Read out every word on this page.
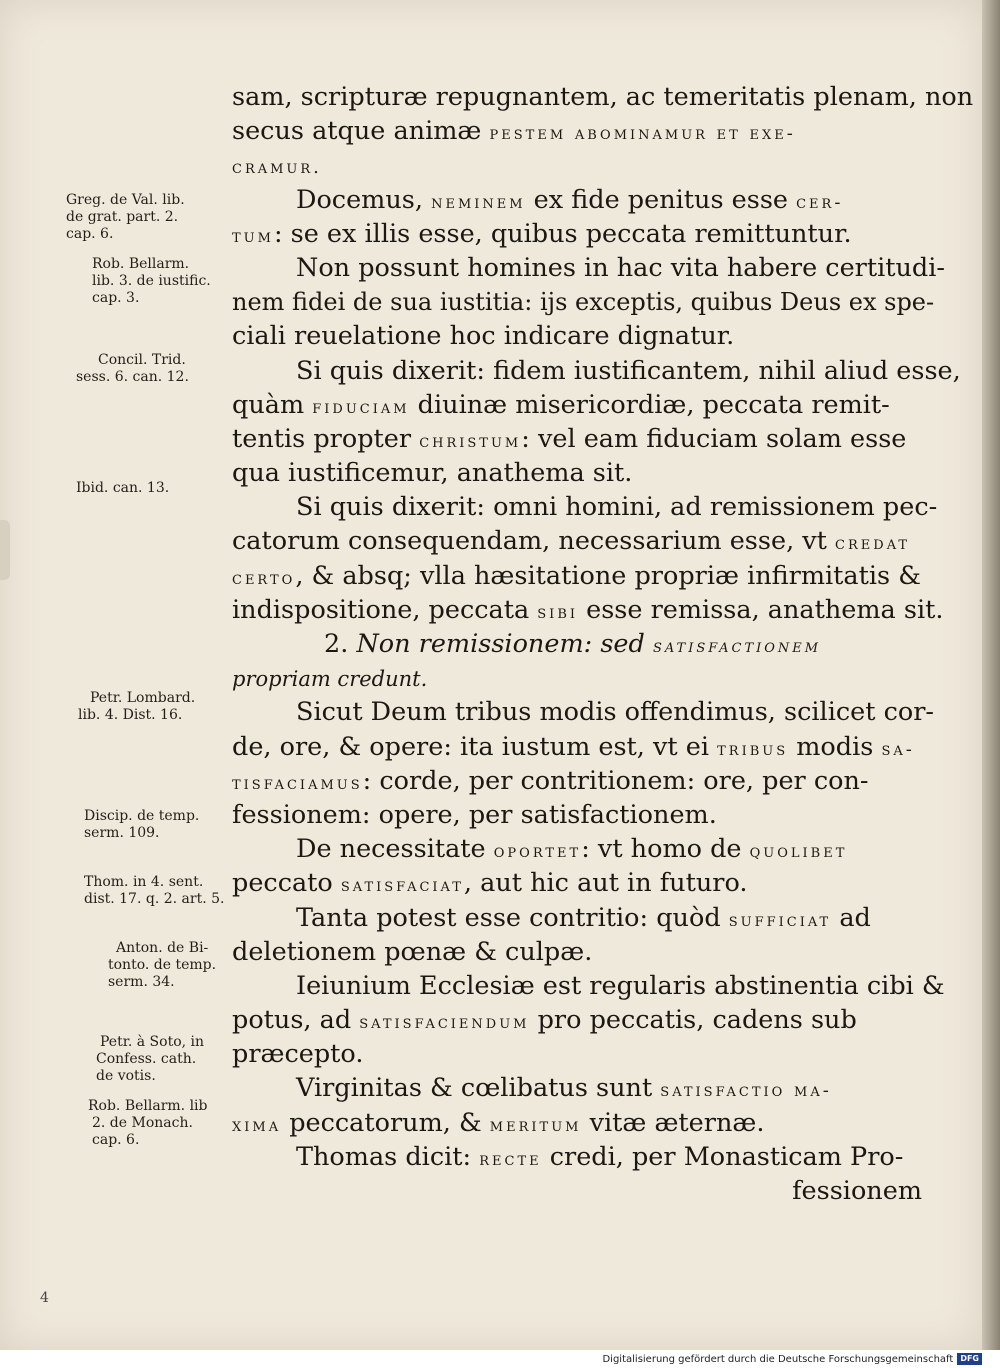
Greg. de Val. lib.
de grat. part. 2.
cap. 6.
Rob. Bellarm.
lib. 3. de iustific.
cap. 3.
Concil. Trid.
sess. 6. can. 12.
Ibid. can. 13.
Petr. Lombard.
lib. 4. Dist. 16.
Discip. de temp.
serm. 109.
Thom. in 4. sent.
dist. 17. q. 2. art. 5.
Anton. de Bi-
tonto. de temp.
serm. 34.
Petr. à Soto, in
Confess. cath.
de votis.
Rob. Bellarm. lib
2. de Monach.
cap. 6.
sam, scripturæ repugnantem, ac temeritatis plenam, non
secus atque animæ pestem abominamur et exe-
cramur.
Docemus, neminem ex fide penitus esse cer-
tum: se ex illis esse, quibus peccata remittuntur.
Non possunt homines in hac vita habere certitudi-
nem fidei de sua iustitia: ijs exceptis, quibus Deus ex spe-
ciali reuelatione hoc indicare dignatur.
Si quis dixerit: fidem iustificantem, nihil aliud esse,
quàm fiduciam diuinæ misericordiæ, peccata remit-
tentis propter christum: vel eam fiduciam solam esse
qua iustificemur, anathema sit.
Si quis dixerit: omni homini, ad remissionem pec-
catorum consequendam, necessarium esse, vt credat
certo, & absq; vlla hæsitatione propriæ infirmitatis &
indispositione, peccata sibi esse remissa, anathema sit.
2. Non remissionem: sed satisfactionem
propriam credunt.
Sicut Deum tribus modis offendimus, scilicet cor-
de, ore, & opere: ita iustum est, vt ei tribus modis sa-
tisfaciamus: corde, per contritionem: ore, per con-
fessionem: opere, per satisfactionem.
De necessitate oportet: vt homo de quolibet
peccato satisfaciat, aut hic aut in futuro.
Tanta potest esse contritio: quòd sufficiat ad
deletionem pœnæ & culpæ.
Ieiunium Ecclesiæ est regularis abstinentia cibi &
potus, ad satisfaciendum pro peccatis, cadens sub
præcepto.
Virginitas & cœlibatus sunt satisfactio ma-
xima peccatorum, & meritum vitæ æternæ.
Thomas dicit: recte credi, per Monasticam Pro-
fessionem
4
Digitalisierung gefördert durch die Deutsche Forschungsgemeinschaft DFG
